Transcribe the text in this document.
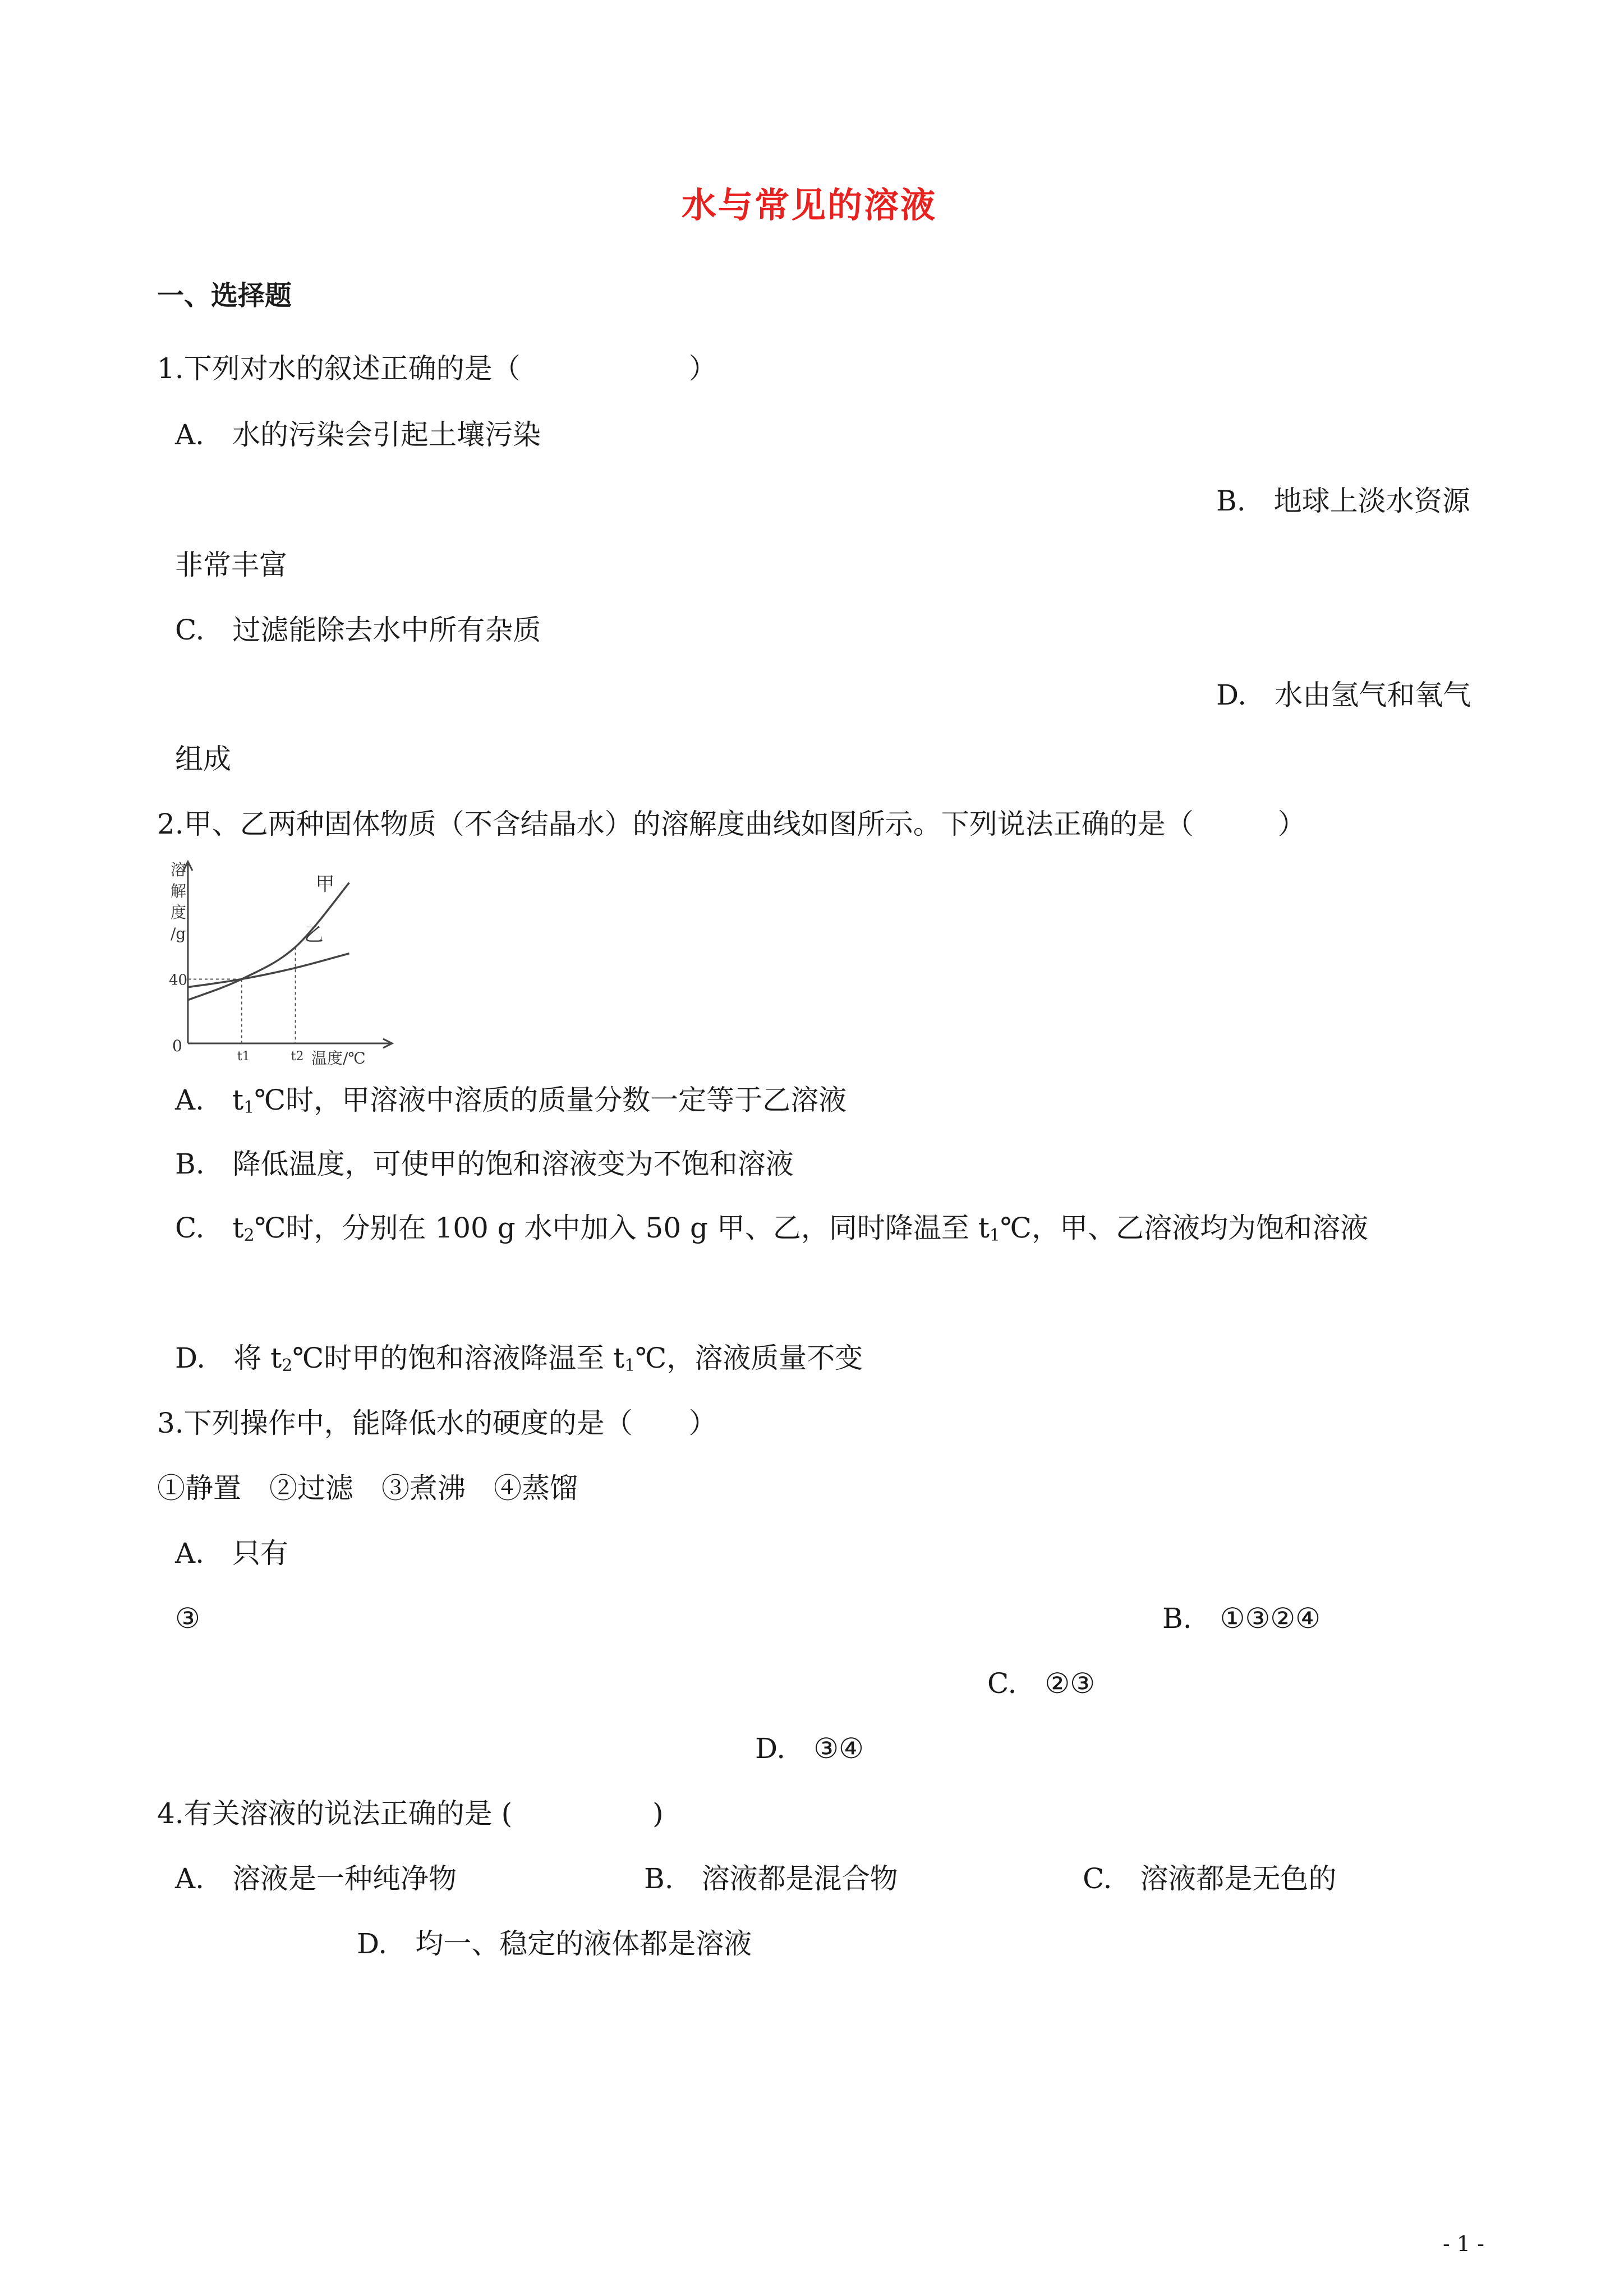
水与常见的溶液
一、选择题
1.下列对水的叙述正确的是（　　　　　　）
A. 水的污染会引起土壤污染
B. 地球上淡水资源
非常丰富
C. 过滤能除去水中所有杂质
D. 水由氢气和氧气
组成
2.甲、乙两种固体物质（不含结晶水）的溶解度曲线如图所示。下列说法正确的是（　　　）
甲
乙
40
0
t1	t2 温度/℃
溶
解
度
/g
A. $t_1℃$时，甲溶液中溶质的质量分数一定等于乙溶液
B. 降低温度，可使甲的饱和溶液变为不饱和溶液
C. $t_2℃$时，分别在 100 g 水中加入 50 g 甲、乙，同时降温至 $t_1℃$，甲、乙溶液均为饱和溶液
D. 将 $t_2℃$时甲的饱和溶液降温至 $t_1℃$，溶液质量不变
3.下列操作中，能降低水的硬度的是（　　）
①静置　②过滤　③煮沸　④蒸馏
A. 只有
③	B. ①③②④
C. ②③
D. ③④
4.有关溶液的说法正确的是 (　　　　　)
A. 溶液是一种纯净物	B. 溶液都是混合物	C. 溶液都是无色的
D. 均一、稳定的液体都是溶液
- 1 -
